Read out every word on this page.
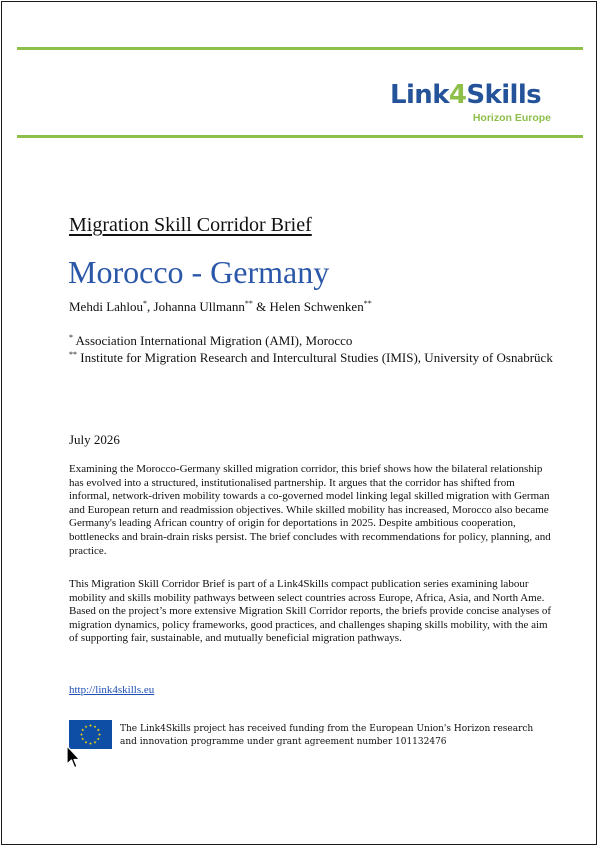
Link4Skills
Horizon Europe
Migration Skill Corridor Brief
Morocco - Germany
Mehdi Lahlou*, Johanna Ullmann** & Helen Schwenken**
* Association International Migration (AMI), Morocco
** Institute for Migration Research and Intercultural Studies (IMIS), University of Osnabrück
July 2026

Examining the Morocco-Germany skilled migration corridor, this brief shows how the bilateral relationship has evolved into a structured, institutionalised partnership. It argues that the corridor has shifted from informal, network-driven mobility towards a co-governed model linking legal skilled migration with German and European return and readmission objectives. While skilled mobility has increased, Morocco also became Germany's leading African country of origin for deportations in 2025. Despite ambitious cooperation, bottlenecks and brain-drain risks persist. The brief concludes with recommendations for policy, planning, and practice.

This Migration Skill Corridor Brief is part of a Link4Skills compact publication series examining labour mobility and skills mobility pathways between select countries across Europe, Africa, Asia, and North Ame. Based on the project’s more extensive Migration Skill Corridor reports, the briefs provide concise analyses of migration dynamics, policy frameworks, good practices, and challenges shaping skills mobility, with the aim of supporting fair, sustainable, and mutually beneficial migration pathways.

http://link4skills.eu
The Link4Skills project has received funding from the European Union's Horizon research
and innovation programme under grant agreement number 101132476
